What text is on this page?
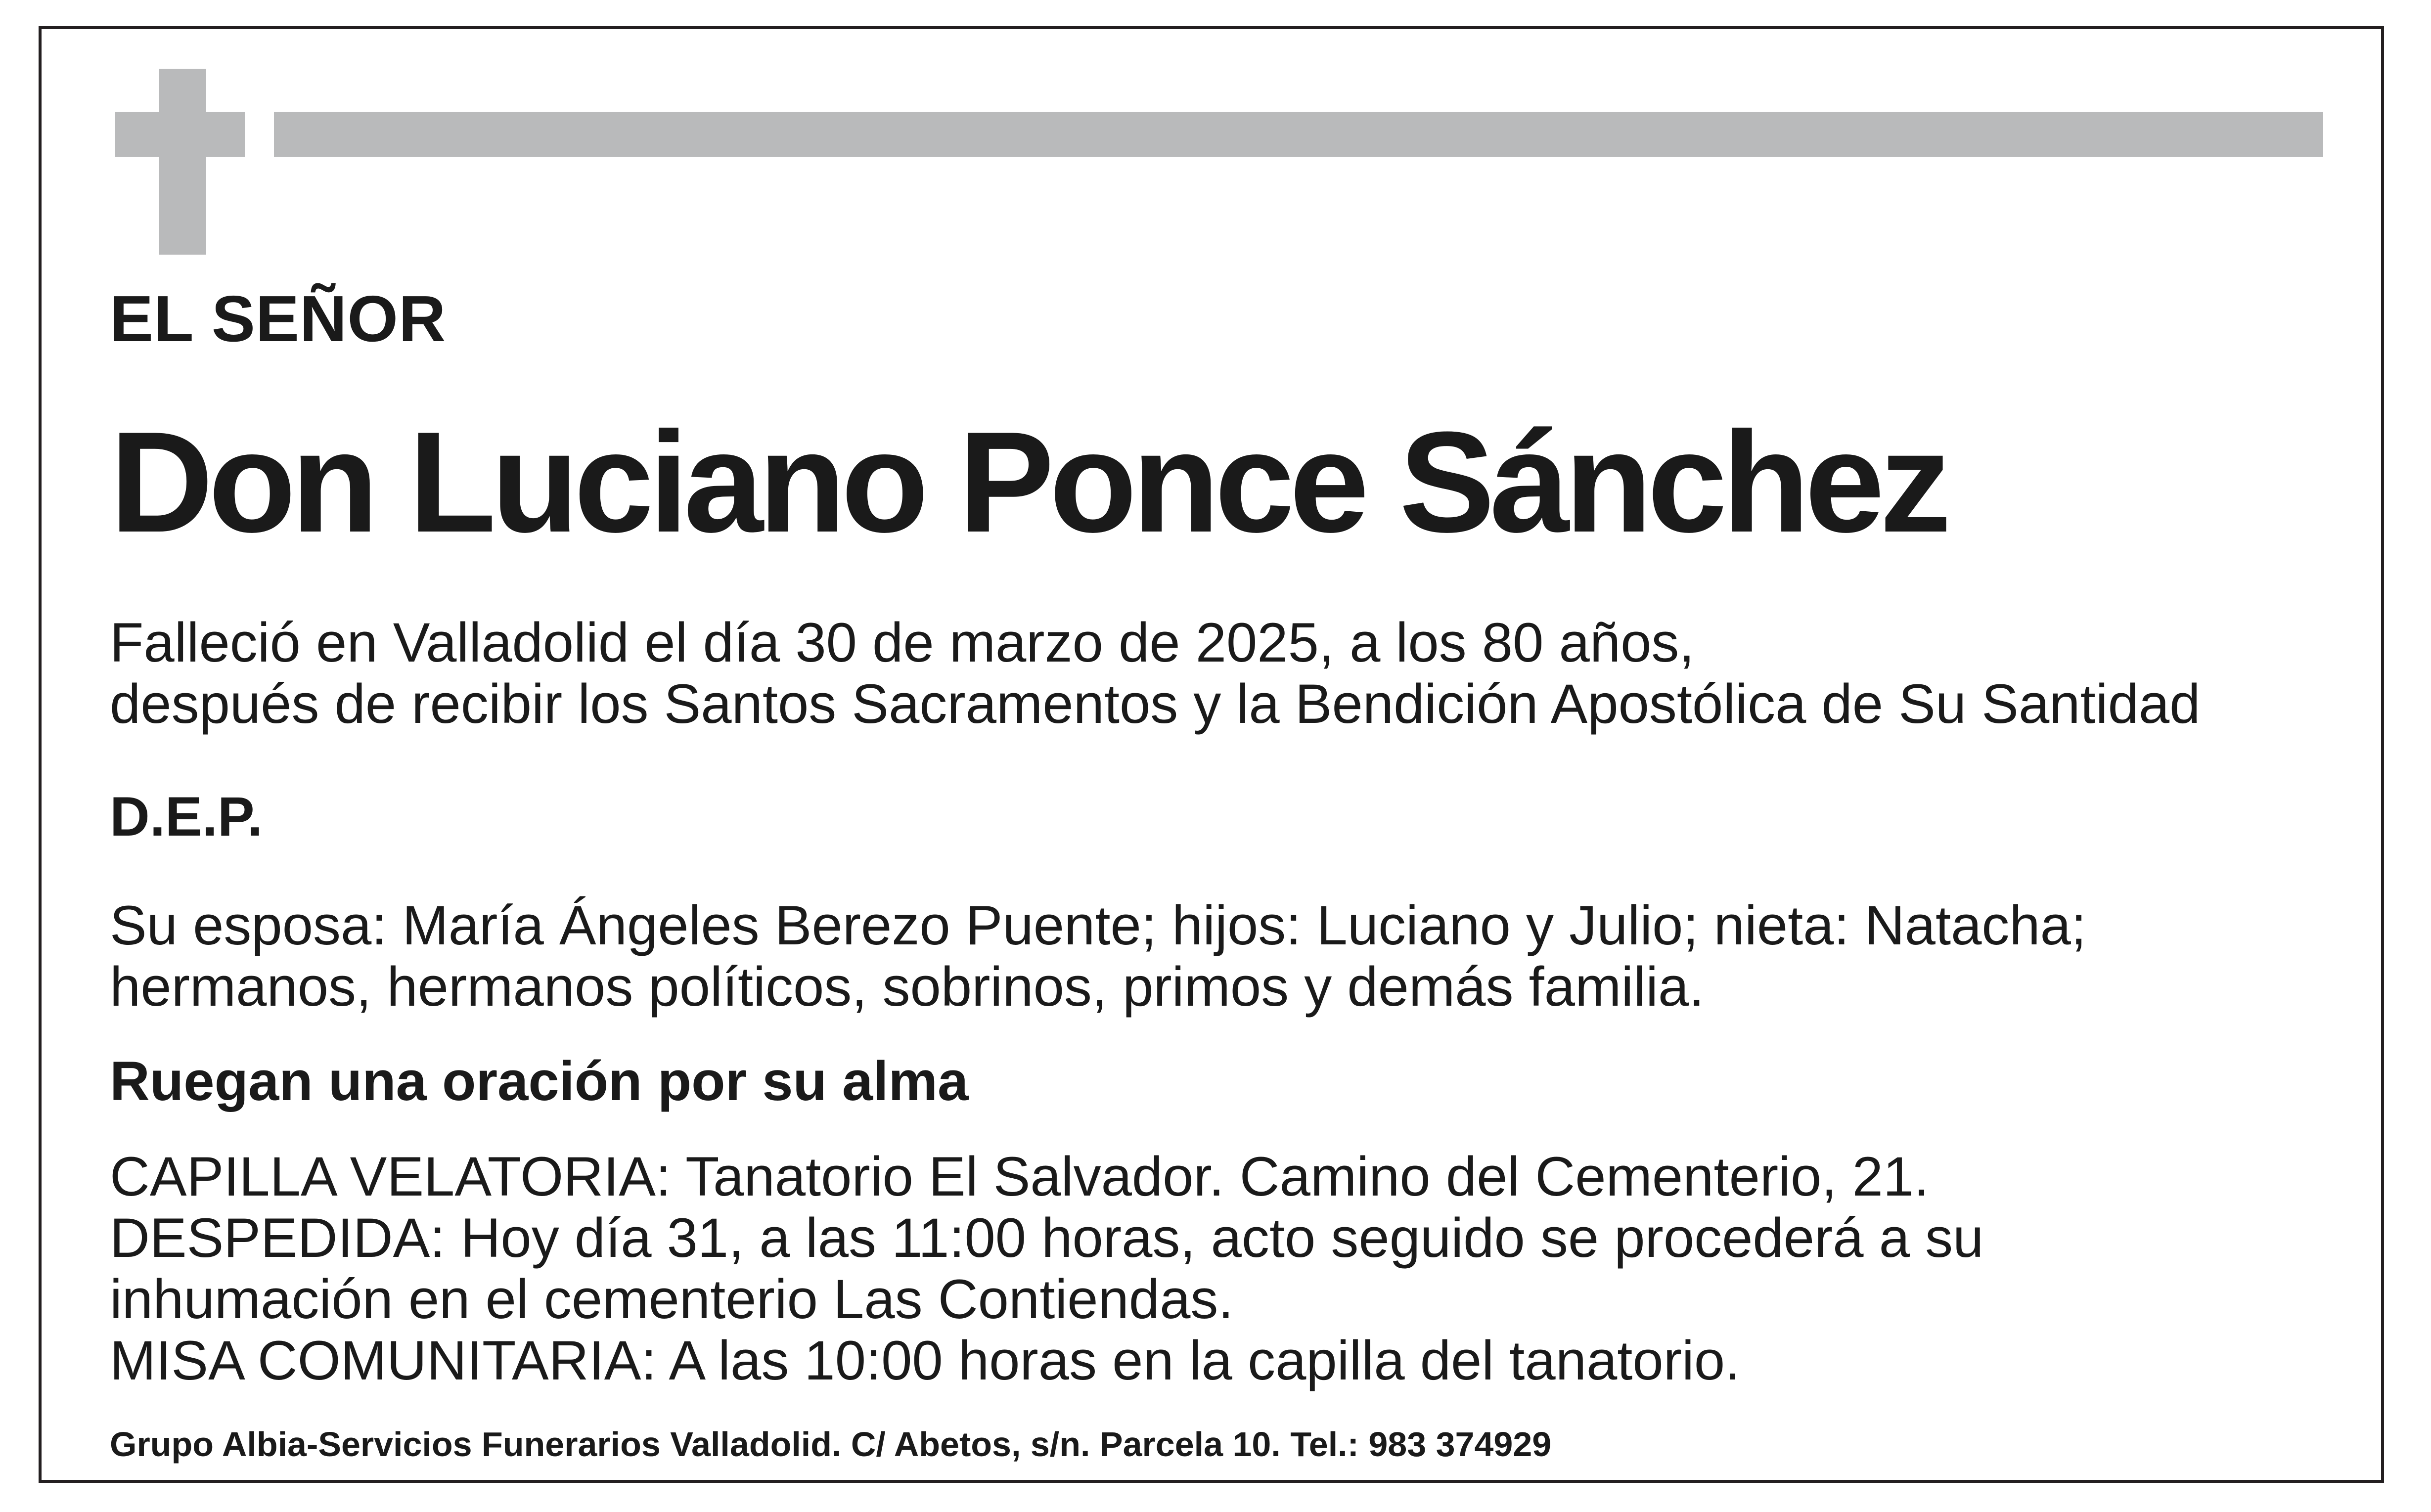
EL SEÑOR

Don Luciano Ponce Sánchez
Falleció en Valladolid el día 30 de marzo de 2025, a los 80 años,
después de recibir los Santos Sacramentos y la Bendición Apostólica de Su Santidad

D.E.P.

Su esposa: María Ángeles Berezo Puente; hijos: Luciano y Julio; nieta: Natacha;
hermanos, hermanos políticos, sobrinos, primos y demás familia.

Ruegan una oración por su alma

CAPILLA VELATORIA: Tanatorio El Salvador. Camino del Cementerio, 21.
DESPEDIDA: Hoy día 31, a las 11:00 horas, acto seguido se procederá a su
inhumación en el cementerio Las Contiendas.
MISA COMUNITARIA: A las 10:00 horas en la capilla del tanatorio.

Grupo Albia-Servicios Funerarios Valladolid. C/ Abetos, s/n. Parcela 10. Tel.: 983 374929
